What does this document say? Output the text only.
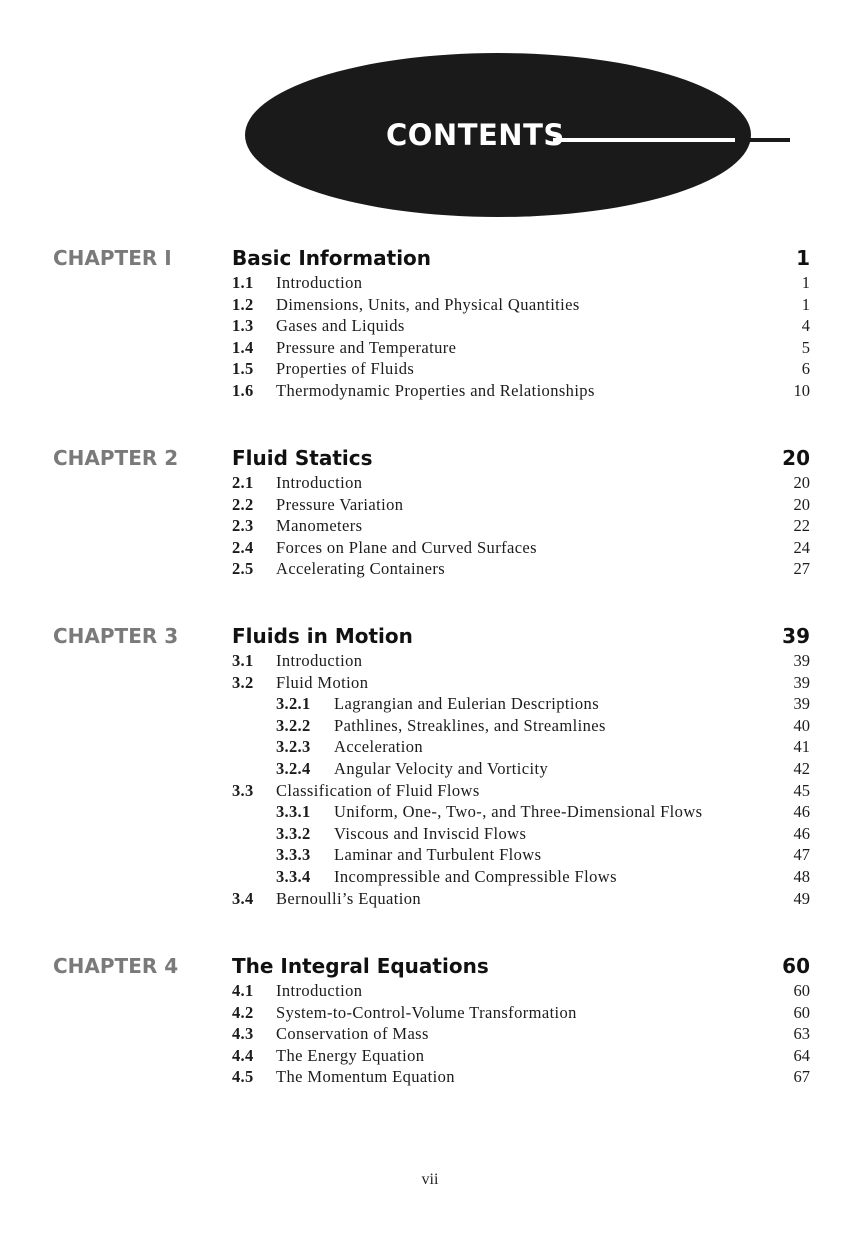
CONTENTS
CHAPTER I	Basic Information	1
1.1 Introduction	1
1.2 Dimensions, Units, and Physical Quantities	1
1.3 Gases and Liquids	4
1.4 Pressure and Temperature	5
1.5 Properties of Fluids	6
1.6 Thermodynamic Properties and Relationships	10
CHAPTER 2	Fluid Statics	20
2.1 Introduction	20
2.2 Pressure Variation	20
2.3 Manometers	22
2.4 Forces on Plane and Curved Surfaces	24
2.5 Accelerating Containers	27
CHAPTER 3	Fluids in Motion	39
3.1 Introduction	39
3.2 Fluid Motion	39
3.2.1 Lagrangian and Eulerian Descriptions	39
3.2.2 Pathlines, Streaklines, and Streamlines	40
3.2.3 Acceleration	41
3.2.4 Angular Velocity and Vorticity	42
3.3 Classification of Fluid Flows	45
3.3.1 Uniform, One-, Two-, and Three-Dimensional Flows	46
3.3.2 Viscous and Inviscid Flows	46
3.3.3 Laminar and Turbulent Flows	47
3.3.4 Incompressible and Compressible Flows	48
3.4 Bernoulli’s Equation	49
CHAPTER 4	The Integral Equations	60
4.1 Introduction	60
4.2 System-to-Control-Volume Transformation	60
4.3 Conservation of Mass	63
4.4 The Energy Equation	64
4.5 The Momentum Equation	67
vii
